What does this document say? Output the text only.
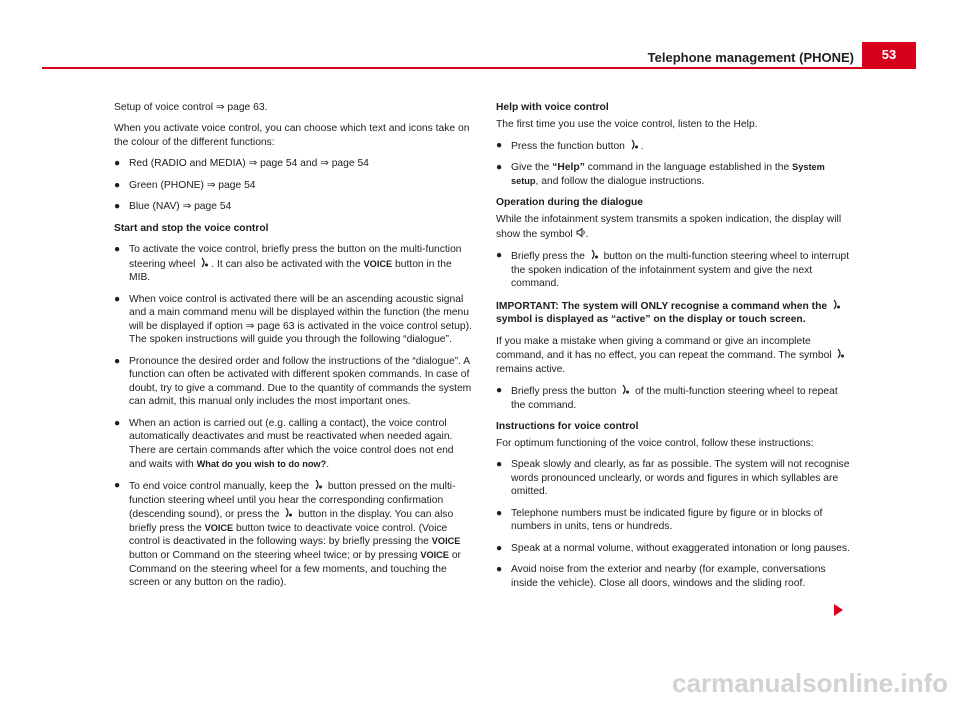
Telephone management (PHONE)	53

Setup of voice control ⇒ page 63.

When you activate voice control, you can choose which text and icons take on the colour of the different functions:

● Red (RADIO and MEDIA) ⇒ page 54 and ⇒ page 54
● Green (PHONE) ⇒ page 54
● Blue (NAV) ⇒ page 54

Start and stop the voice control

● To activate the voice control, briefly press the button on the multi-function steering wheel . It can also be activated with the VOICE button in the MIB.
● When voice control is activated there will be an ascending acoustic signal and a main command menu will be displayed within the function (the menu will be displayed if option ⇒ page 63 is activated in the voice control setup). The spoken instructions will guide you through the following “dialogue”.
● Pronounce the desired order and follow the instructions of the “dialogue”. A function can often be activated with different spoken commands. In case of doubt, try to give a command. Due to the quantity of commands the system can admit, this manual only includes the most important ones.
● When an action is carried out (e.g. calling a contact), the voice control automatically deactivates and must be reactivated when needed again. There are certain commands after which the voice control does not end and waits with What do you wish to do now?.
● To end voice control manually, keep the button pressed on the multi-function steering wheel until you hear the corresponding confirmation (descending sound), or press the button in the display. You can also briefly press the VOICE button twice to deactivate voice control. (Voice control is deactivated in the following ways: by briefly pressing the VOICE button or Command on the steering wheel twice; or by pressing VOICE or Command on the steering wheel for a few moments, and touching the screen or any button on the radio).

Help with voice control

The first time you use the voice control, listen to the Help.

● Press the function button .
● Give the “Help” command in the language established in the System setup, and follow the dialogue instructions.

Operation during the dialogue

While the infotainment system transmits a spoken indication, the display will show the symbol .

● Briefly press the button on the multi-function steering wheel to interrupt the spoken indication of the infotainment system and give the next command.

IMPORTANT: The system will ONLY recognise a command when the
symbol is displayed as “active” on the display or touch screen.

If you make a mistake when giving a command or give an incomplete command, and it has no effect, you can repeat the command. The symbol
remains active.

● Briefly press the button of the multi-function steering wheel to repeat the command.

Instructions for voice control

For optimum functioning of the voice control, follow these instructions:

● Speak slowly and clearly, as far as possible. The system will not recognise words pronounced unclearly, or words and figures in which syllables are omitted.
● Telephone numbers must be indicated figure by figure or in blocks of numbers in units, tens or hundreds.
● Speak at a normal volume, without exaggerated intonation or long pauses.
● Avoid noise from the exterior and nearby (for example, conversations inside the vehicle). Close all doors, windows and the sliding roof.
carmanualsonline.info
